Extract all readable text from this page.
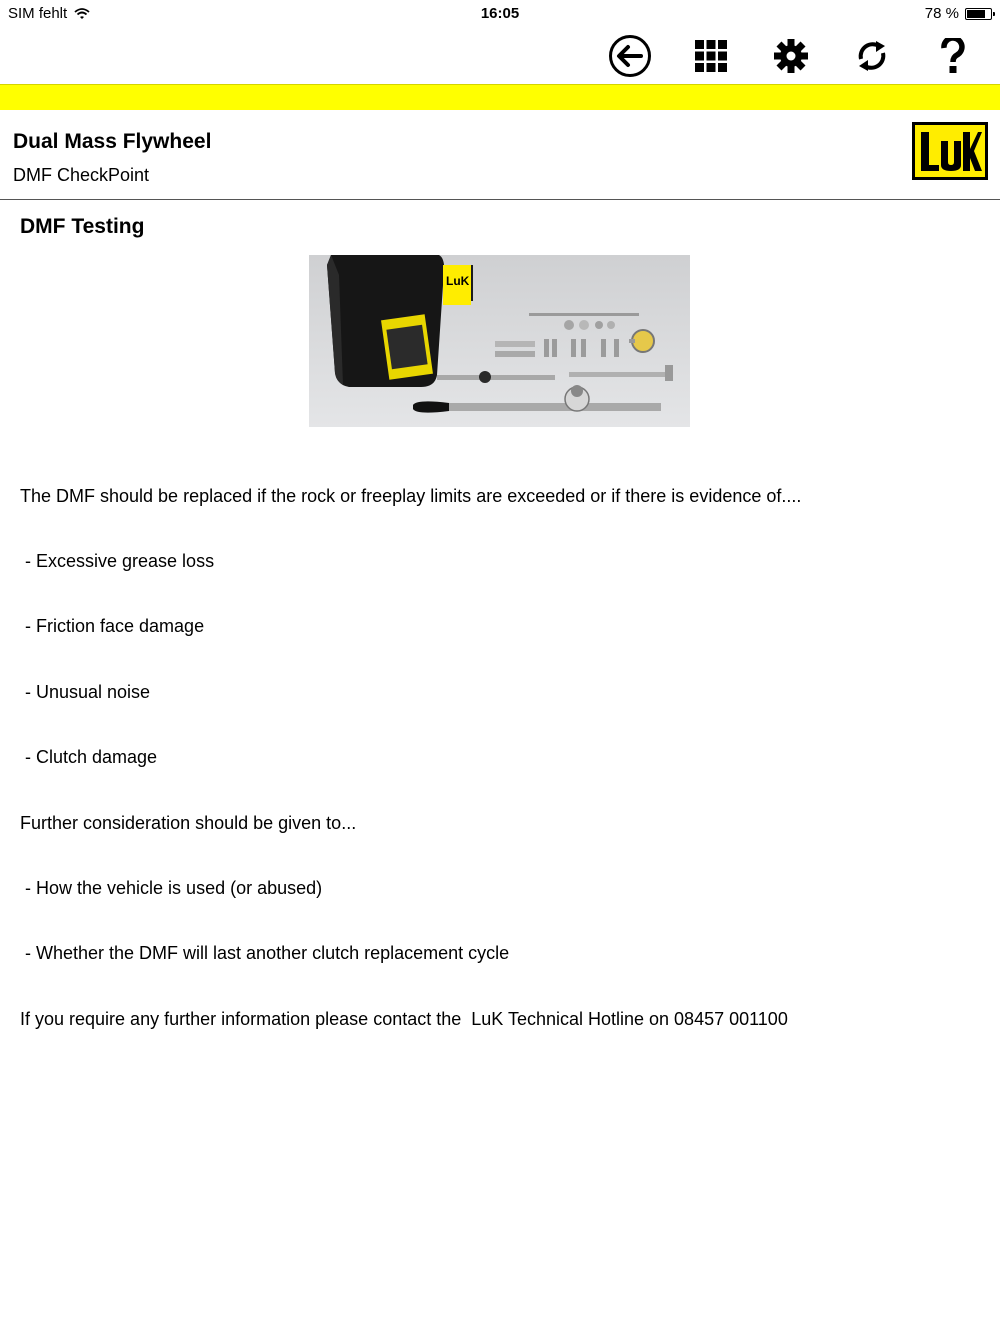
SIM fehlt	16:05	78 %
Dual Mass Flywheel
DMF CheckPoint
DMF Testing
LuK

The DMF should be replaced if the rock or freeplay limits are exceeded or if there is evidence of....

- Excessive grease loss

- Friction face damage

- Unusual noise

- Clutch damage

Further consideration should be given to...

- How the vehicle is used (or abused)

- Whether the DMF will last another clutch replacement cycle

If you require any further information please contact the  LuK Technical Hotline on 08457 001100
